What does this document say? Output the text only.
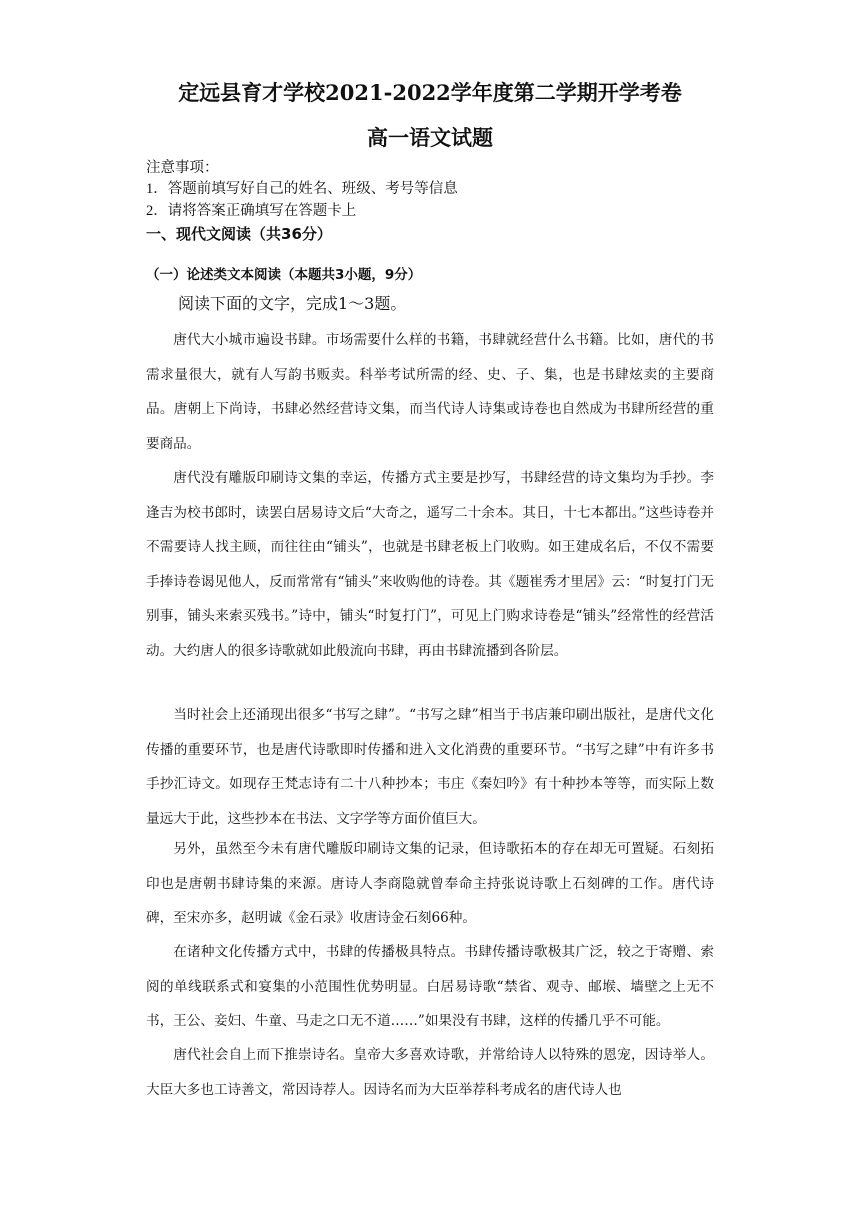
定远县育才学校2021-2022学年度第二学期开学考卷
高一语文试题
注意事项：
1．答题前填写好自己的姓名、班级、考号等信息
2．请将答案正确填写在答题卡上
一、现代文阅读（共36分）
（一）论述类文本阅读（本题共3小题，9分）
阅读下面的文字，完成1～3题。

唐代大小城市遍设书肆。市场需要什么样的书籍，书肆就经营什么书籍。比如，唐代的书需求量很大，就有人写韵书贩卖。科举考试所需的经、史、子、集，也是书肆炫卖的主要商品。唐朝上下尚诗，书肆必然经营诗文集，而当代诗人诗集或诗卷也自然成为书肆所经营的重要商品。

唐代没有雕版印刷诗文集的幸运，传播方式主要是抄写，书肆经营的诗文集均为手抄。李逢吉为校书郎时，读罢白居易诗文后“大奇之，遥写二十余本。其日，十七本都出。”这些诗卷并不需要诗人找主顾，而往往由“铺头”，也就是书肆老板上门收购。如王建成名后，不仅不需要手捧诗卷谒见他人，反而常常有“铺头”来收购他的诗卷。其《题崔秀才里居》云：“时复打门无别事，铺头来索买残书。”诗中，铺头“时复打门”，可见上门购求诗卷是“铺头”经常性的经营活动。大约唐人的很多诗歌就如此般流向书肆，再由书肆流播到各阶层。

当时社会上还涌现出很多“书写之肆”。“书写之肆”相当于书店兼印刷出版社，是唐代文化传播的重要环节，也是唐代诗歌即时传播和进入文化消费的重要环节。“书写之肆”中有许多书手抄汇诗文。如现存王梵志诗有二十八种抄本；韦庄《秦妇吟》有十种抄本等等，而实际上数量远大于此，这些抄本在书法、文字学等方面价值巨大。

另外，虽然至今未有唐代雕版印刷诗文集的记录，但诗歌拓本的存在却无可置疑。石刻拓印也是唐朝书肆诗集的来源。唐诗人李商隐就曾奉命主持张说诗歌上石刻碑的工作。唐代诗碑，至宋亦多，赵明诚《金石录》收唐诗金石刻66种。

在诸种文化传播方式中，书肆的传播极具特点。书肆传播诗歌极其广泛，较之于寄赠、索阅的单线联系式和宴集的小范围性优势明显。白居易诗歌“禁省、观寺、邮堠、墙壁之上无不书，王公、妾妇、牛童、马走之口无不道……”如果没有书肆，这样的传播几乎不可能。

唐代社会自上而下推崇诗名。皇帝大多喜欢诗歌，并常给诗人以特殊的恩宠，因诗举人。大臣大多也工诗善文，常因诗荐人。因诗名而为大臣举荐科考成名的唐代诗人也
